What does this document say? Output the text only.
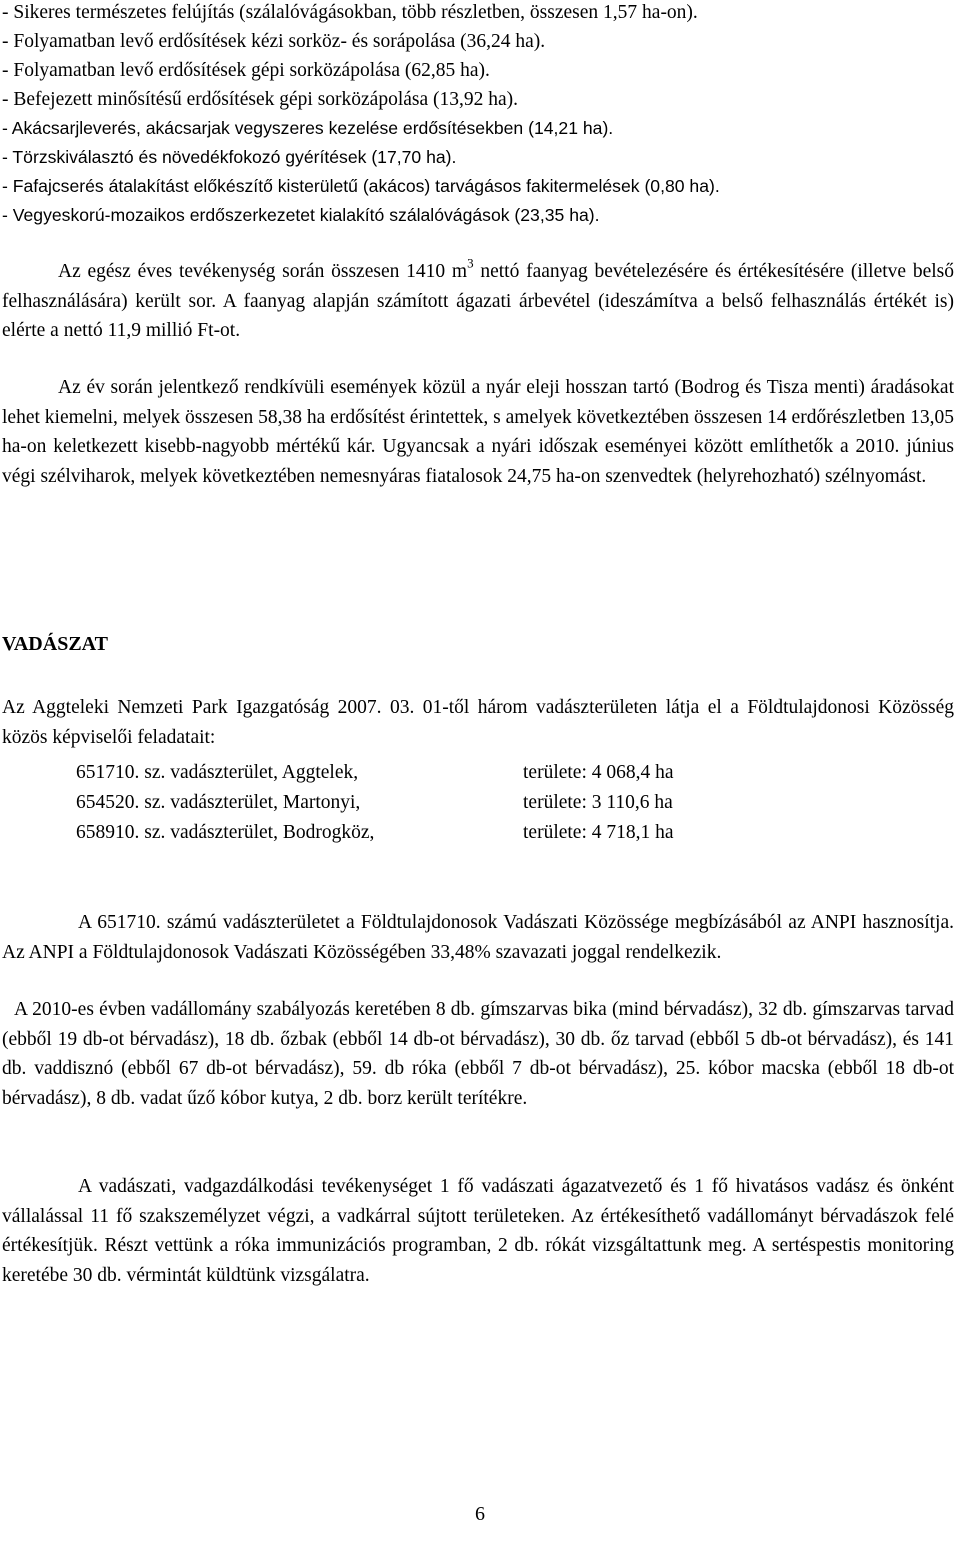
- Sikeres természetes felújítás (szálalóvágásokban, több részletben, összesen 1,57 ha-on).
- Folyamatban levő erdősítések kézi sorköz- és sorápolása (36,24 ha).
- Folyamatban levő erdősítések gépi sorközápolása (62,85 ha).
- Befejezett minősítésű erdősítések gépi sorközápolása (13,92 ha).
- Akácsarjleverés, akácsarjak vegyszeres kezelése erdősítésekben (14,21 ha).
- Törzskiválasztó és növedékfokozó gyérítések (17,70 ha).
- Fafajcserés átalakítást előkészítő kisterületű (akácos) tarvágásos fakitermelések (0,80 ha).
- Vegyeskorú-mozaikos erdőszerkezetet kialakító szálalóvágások (23,35 ha).

Az egész éves tevékenység során összesen 1410 $m^3$ nettó faanyag bevételezésére és értékesítésére (illetve belső felhasználására) került sor. A faanyag alapján számított ágazati árbevétel (ideszámítva a belső felhasználás értékét is) elérte a nettó 11,9 millió Ft-ot.

Az év során jelentkező rendkívüli események közül a nyár eleji hosszan tartó (Bodrog és Tisza menti) áradásokat lehet kiemelni, melyek összesen 58,38 ha erdősítést érintettek, s amelyek következtében összesen 14 erdőrészletben 13,05 ha-on keletkezett kisebb-nagyobb mértékű kár. Ugyancsak a nyári időszak eseményei között említhetők a 2010. június végi szélviharok, melyek következtében nemesnyáras fiatalosok 24,75 ha-on szenvedtek (helyrehozható) szélnyomást.

VADÁSZAT

Az Aggteleki Nemzeti Park Igazgatóság 2007. 03. 01-től három vadászterületen látja el a Földtulajdonosi Közösség közös képviselői feladatait:

651710. sz. vadászterület, Aggtelek,	területe: 4 068,4 ha
654520. sz. vadászterület, Martonyi,	területe: 3 110,6 ha
658910. sz. vadászterület, Bodrogköz,	területe: 4 718,1 ha

A 651710. számú vadászterületet a Földtulajdonosok Vadászati Közössége megbízásából az ANPI hasznosítja. Az ANPI a Földtulajdonosok Vadászati Közösségében 33,48% szavazati joggal rendelkezik.

A 2010-es évben vadállomány szabályozás keretében 8 db. gímszarvas bika (mind bérvadász), 32 db. gímszarvas tarvad (ebből 19 db-ot bérvadász), 18 db. őzbak (ebből 14 db-ot bérvadász), 30 db. őz tarvad (ebből 5 db-ot bérvadász), és 141 db. vaddisznó (ebből 67 db-ot bérvadász), 59. db róka (ebből 7 db-ot bérvadász), 25. kóbor macska (ebből 18 db-ot bérvadász), 8 db. vadat űző kóbor kutya, 2 db. borz került terítékre.

A vadászati, vadgazdálkodási tevékenységet 1 fő vadászati ágazatvezető és 1 fő hivatásos vadász és önként vállalással 11 fő szakszemélyzet végzi, a vadkárral sújtott területeken. Az értékesíthető vadállományt bérvadászok felé értékesítjük. Részt vettünk a róka immunizációs programban, 2 db. rókát vizsgáltattunk meg. A sertéspestis monitoring keretébe 30 db. vérmintát küldtünk vizsgálatra.

6
